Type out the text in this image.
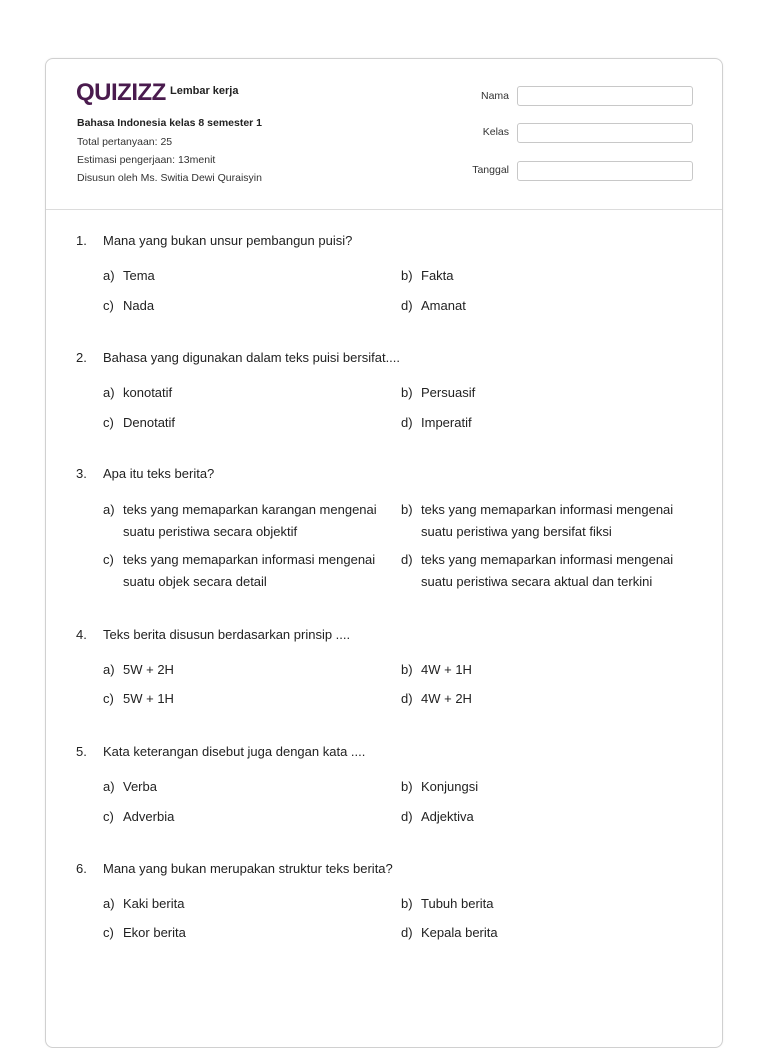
QUIZIZZ Lembar kerja
Bahasa Indonesia kelas 8 semester 1
Total pertanyaan: 25
Estimasi pengerjaan: 13menit
Disusun oleh Ms. Switia Dewi Quraisyin
Nama
Kelas
Tanggal
1. Mana yang bukan unsur pembangun puisi?
a) Tema	b) Fakta
c) Nada	d) Amanat
2. Bahasa yang digunakan dalam teks puisi bersifat....
a) konotatif	b) Persuasif
c) Denotatif	d) Imperatif
3. Apa itu teks berita?
a) teks yang memaparkan karangan mengenai suatu peristiwa secara objektif
b) teks yang memaparkan informasi mengenai suatu peristiwa yang bersifat fiksi
c) teks yang memaparkan informasi mengenai suatu objek secara detail
d) teks yang memaparkan informasi mengenai suatu peristiwa secara aktual dan terkini
4. Teks berita disusun berdasarkan prinsip ....
a) 5W + 2H	b) 4W + 1H
c) 5W + 1H	d) 4W + 2H
5. Kata keterangan disebut juga dengan kata ....
a) Verba	b) Konjungsi
c) Adverbia	d) Adjektiva
6. Mana yang bukan merupakan struktur teks berita?
a) Kaki berita	b) Tubuh berita
c) Ekor berita	d) Kepala berita
